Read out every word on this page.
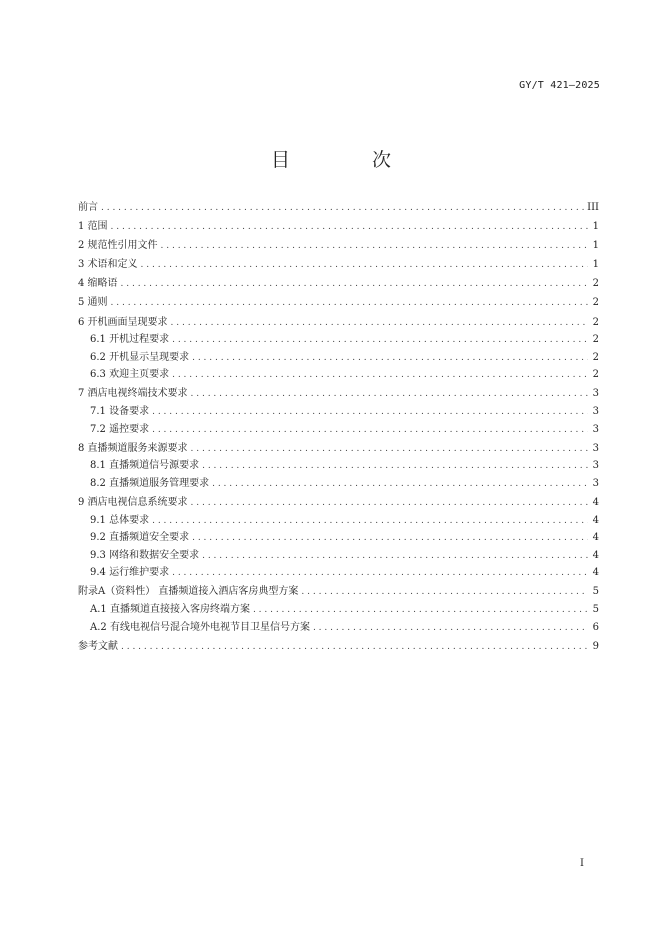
GY/T 421—2025
目 次
前言 . . .	III
1 范围 . . .	1
2 规范性引用文件 . . .	1
3 术语和定义 . . .	1
4 缩略语 . . .	2
5 通则 . . .	2
6 开机画面呈现要求 . . .	2
6.1 开机过程要求 . . .	2
6.2 开机显示呈现要求 . . .	2
6.3 欢迎主页要求 . . .	2
7 酒店电视终端技术要求 . . .	3
7.1 设备要求 . . .	3
7.2 遥控要求 . . .	3
8 直播频道服务来源要求 . . .	3
8.1 直播频道信号源要求 . . .	3
8.2 直播频道服务管理要求 . . .	3
9 酒店电视信息系统要求 . . .	4
9.1 总体要求 . . .	4
9.2 直播频道安全要求 . . .	4
9.3 网络和数据安全要求 . . .	4
9.4 运行维护要求 . . .	4
附录A（资料性） 直播频道接入酒店客房典型方案 . . .	5
A.1 直播频道直接接入客房终端方案 . . .	5
A.2 有线电视信号混合境外电视节目卫星信号方案 . . .	6
参考文献 . . .	9
I
